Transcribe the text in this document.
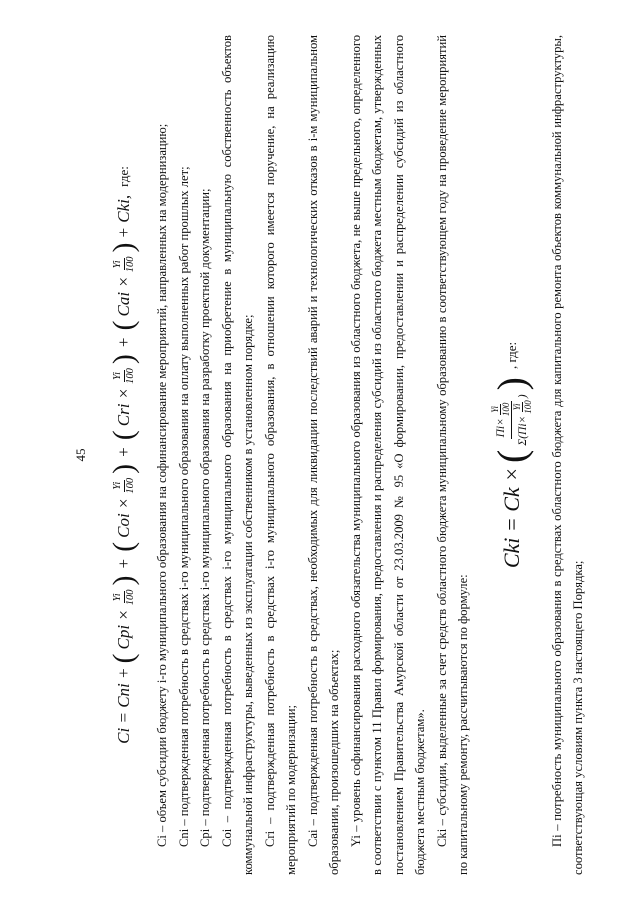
45
Ci = Cni +
(
Cpi ×
Yi 100
)
+
(
Coi ×
Yi 100
)
+
(
Cri ×
Yi 100
)
+
(
Cai ×
Yi 100
)
+ Cki,
где: Ci – объем субсидии бюджету i-го муниципального образования на софинансирование мероприятий, направленных на модернизацию; Cni – подтвержденная потребность в средствах i-го муниципального образования на оплату выполненных работ прошлых лет; Cpi – подтвержденная потребность в средствах i-го муниципального образования на разработку проектной документации; Coi – подтвержденная потребность в средствах i-го муниципального образования на приобретение в муниципальную собственность объектов коммунальной инфраструктуры, выведенных из эксплуатации собственником в установленном порядке; Cri – подтвержденная потребность в средствах i-го муниципального образования, в отношении которого имеется поручение, на реализацию мероприятий по модернизации; Cai – подтвержденная потребность в средствах, необходимых для ликвидации последствий аварий и технологических отказов в i-м муниципальном образовании, произошедших на объектах; Yi – уровень софинансирования расходного обязательства муниципального образования из областного бюджета, не выше предельного, определенного в соответствии с пунктом 11 Правил формирования, предоставления и распределения субсидий из областного бюджета местным бюджетам, утвержденных постановлением Правительства Амурской области от 23.03.2009 № 95 «О формировании, предоставлении и распределении субсидий из областного бюджета местным бюджетам». Cki – субсидии, выделенные за счет средств областного бюджета муниципальному образованию в соответствующем году на проведение мероприятий по капитальному ремонту, рассчитываются по формуле:

Cki = Ck ×
(
Пi×
Yi 100
Σ(Пi×
Yi 100
)
)
, где: Пi – потребность муниципального образования в средствах областного бюджета для капитального ремонта объектов коммунальной инфраструктуры, соответствующая условиям пункта 3 настоящего Порядка;
